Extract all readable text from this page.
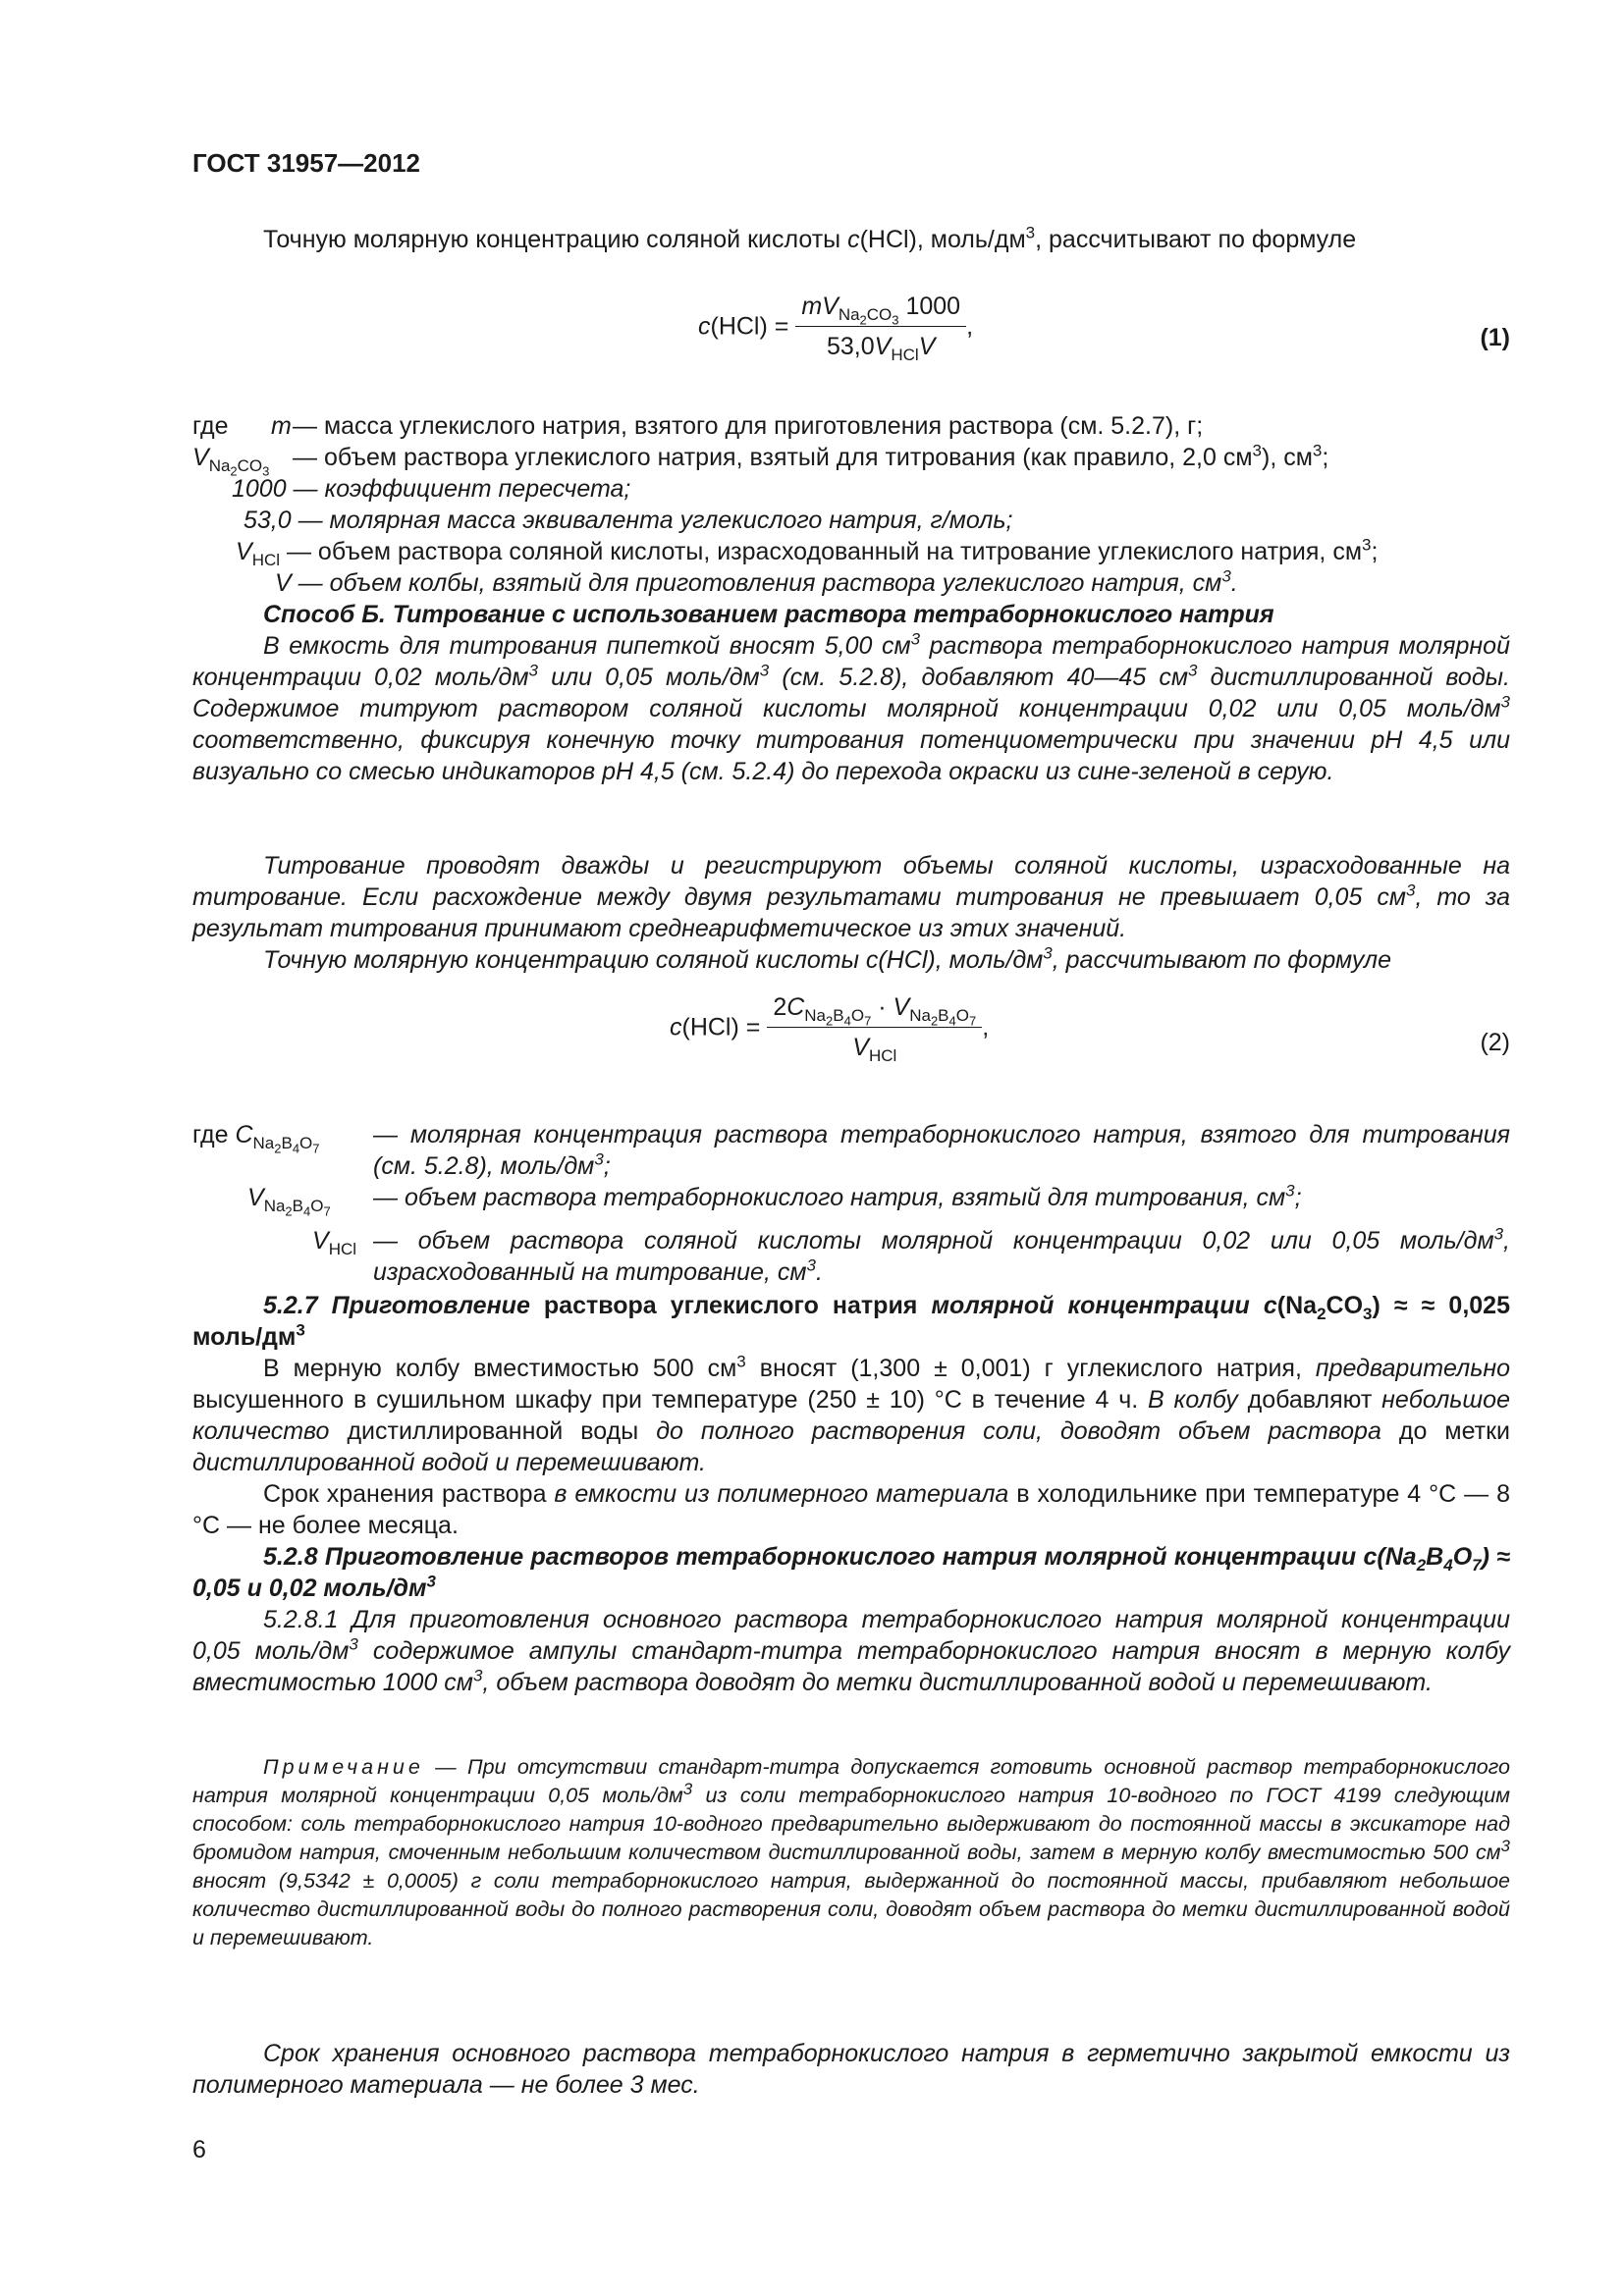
ГОСТ 31957—2012
Точную молярную концентрацию соляной кислоты c(HCl), моль/$дм^3$, рассчитывают по формуле
$c(HCl) = \frac{mV_{Na_2CO_3} 1000}{53,0V_{HCl}V}$ ,	(1)
где m — масса углекислого натрия, взятого для приготовления раствора (см. 5.2.7), г;
$V_{Na_2CO_3}$ — объем раствора углекислого натрия, взятый для титрования (как правило, 2,0 $см^3$), $см^3$;
1000 — коэффициент пересчета;
53,0 — молярная масса эквивалента углекислого натрия, г/моль;
$V_{HCl}$ — объем раствора соляной кислоты, израсходованный на титрование углекислого натрия, $см^3$;
V — объем колбы, взятый для приготовления раствора углекислого натрия, $см^3$.
Способ Б. Титрование с использованием раствора тетраборнокислого натрия
В емкость для титрования пипеткой вносят 5,00 $см^3$ раствора тетраборнокислого натрия молярной концентрации 0,02 моль/$дм^3$ или 0,05 моль/$дм^3$ (см. 5.2.8), добавляют 40—45 $см^3$ дистиллированной воды. Содержимое титруют раствором соляной кислоты молярной концентрации 0,02 или 0,05 моль/$дм^3$ соответственно, фиксируя конечную точку титрования потенциометрически при значении pH 4,5 или визуально со смесью индикаторов pH 4,5 (см. 5.2.4) до перехода окраски из сине-зеленой в серую.
Титрование проводят дважды и регистрируют объемы соляной кислоты, израсходованные на титрование. Если расхождение между двумя результатами титрования не превышает 0,05 $см^3$, то за результат титрования принимают среднеарифметическое из этих значений.
Точную молярную концентрацию соляной кислоты c(HCl), моль/$дм^3$, рассчитывают по формуле
$c(HCl) = \frac{2C_{Na_2B_4O_7} \cdot V_{Na_2B_4O_7}}{V_{HCl}}$ ,
(2)
где $C_{Na_2B_4O_7}$ — молярная концентрация раствора тетраборнокислого натрия, взятого для титрования (см. 5.2.8), моль/$дм^3$;
$V_{Na_2B_4O_7}$ — объем раствора тетраборнокислого натрия, взятый для титрования, $см^3$;
$V_{HCl}$ — объем раствора соляной кислоты молярной концентрации 0,02 или 0,05 моль/$дм^3$, израсходованный на титрование, $см^3$.
5.2.7 Приготовление раствора углекислого натрия молярной концентрации $c(Na_2CO_3)$ ≈ ≈ 0,025 моль/$дм^3$
В мерную колбу вместимостью 500 $см^3$ вносят (1,300 ± 0,001) г углекислого натрия, предварительно высушенного в сушильном шкафу при температуре (250 ± 10) °С в течение 4 ч. В колбу добавляют небольшое количество дистиллированной воды до полного растворения соли, доводят объем раствора до метки дистиллированной водой и перемешивают.
Срок хранения раствора в емкости из полимерного материала в холодильнике при температуре 4 °С — 8 °С — не более месяца.
5.2.8 Приготовление растворов тетраборнокислого натрия молярной концентрации $c(Na_2B_4O_7) \approx 0,05$ и 0,02 моль/$дм^3$
5.2.8.1 Для приготовления основного раствора тетраборнокислого натрия молярной концентрации 0,05 моль/$дм^3$ содержимое ампулы стандарт-титра тетраборнокислого натрия вносят в мерную колбу вместимостью 1000 $см^3$, объем раствора доводят до метки дистиллированной водой и перемешивают.
Примечание — При отсутствии стандарт-титра допускается готовить основной раствор тетраборнокислого натрия молярной концентрации 0,05 моль/$дм^3$ из соли тетраборнокислого натрия 10-водного по ГОСТ 4199 следующим способом: соль тетраборнокислого натрия 10-водного предварительно выдерживают до постоянной массы в эксикаторе над бромидом натрия, смоченным небольшим количеством дистиллированной воды, затем в мерную колбу вместимостью 500 $см^3$ вносят (9,5342 ± 0,0005) г соли тетраборнокислого натрия, выдержанной до постоянной массы, прибавляют небольшое количество дистиллированной воды до полного растворения соли, доводят объем раствора до метки дистиллированной водой и перемешивают.
Срок хранения основного раствора тетраборнокислого натрия в герметично закрытой емкости из полимерного материала — не более 3 мес.
6
